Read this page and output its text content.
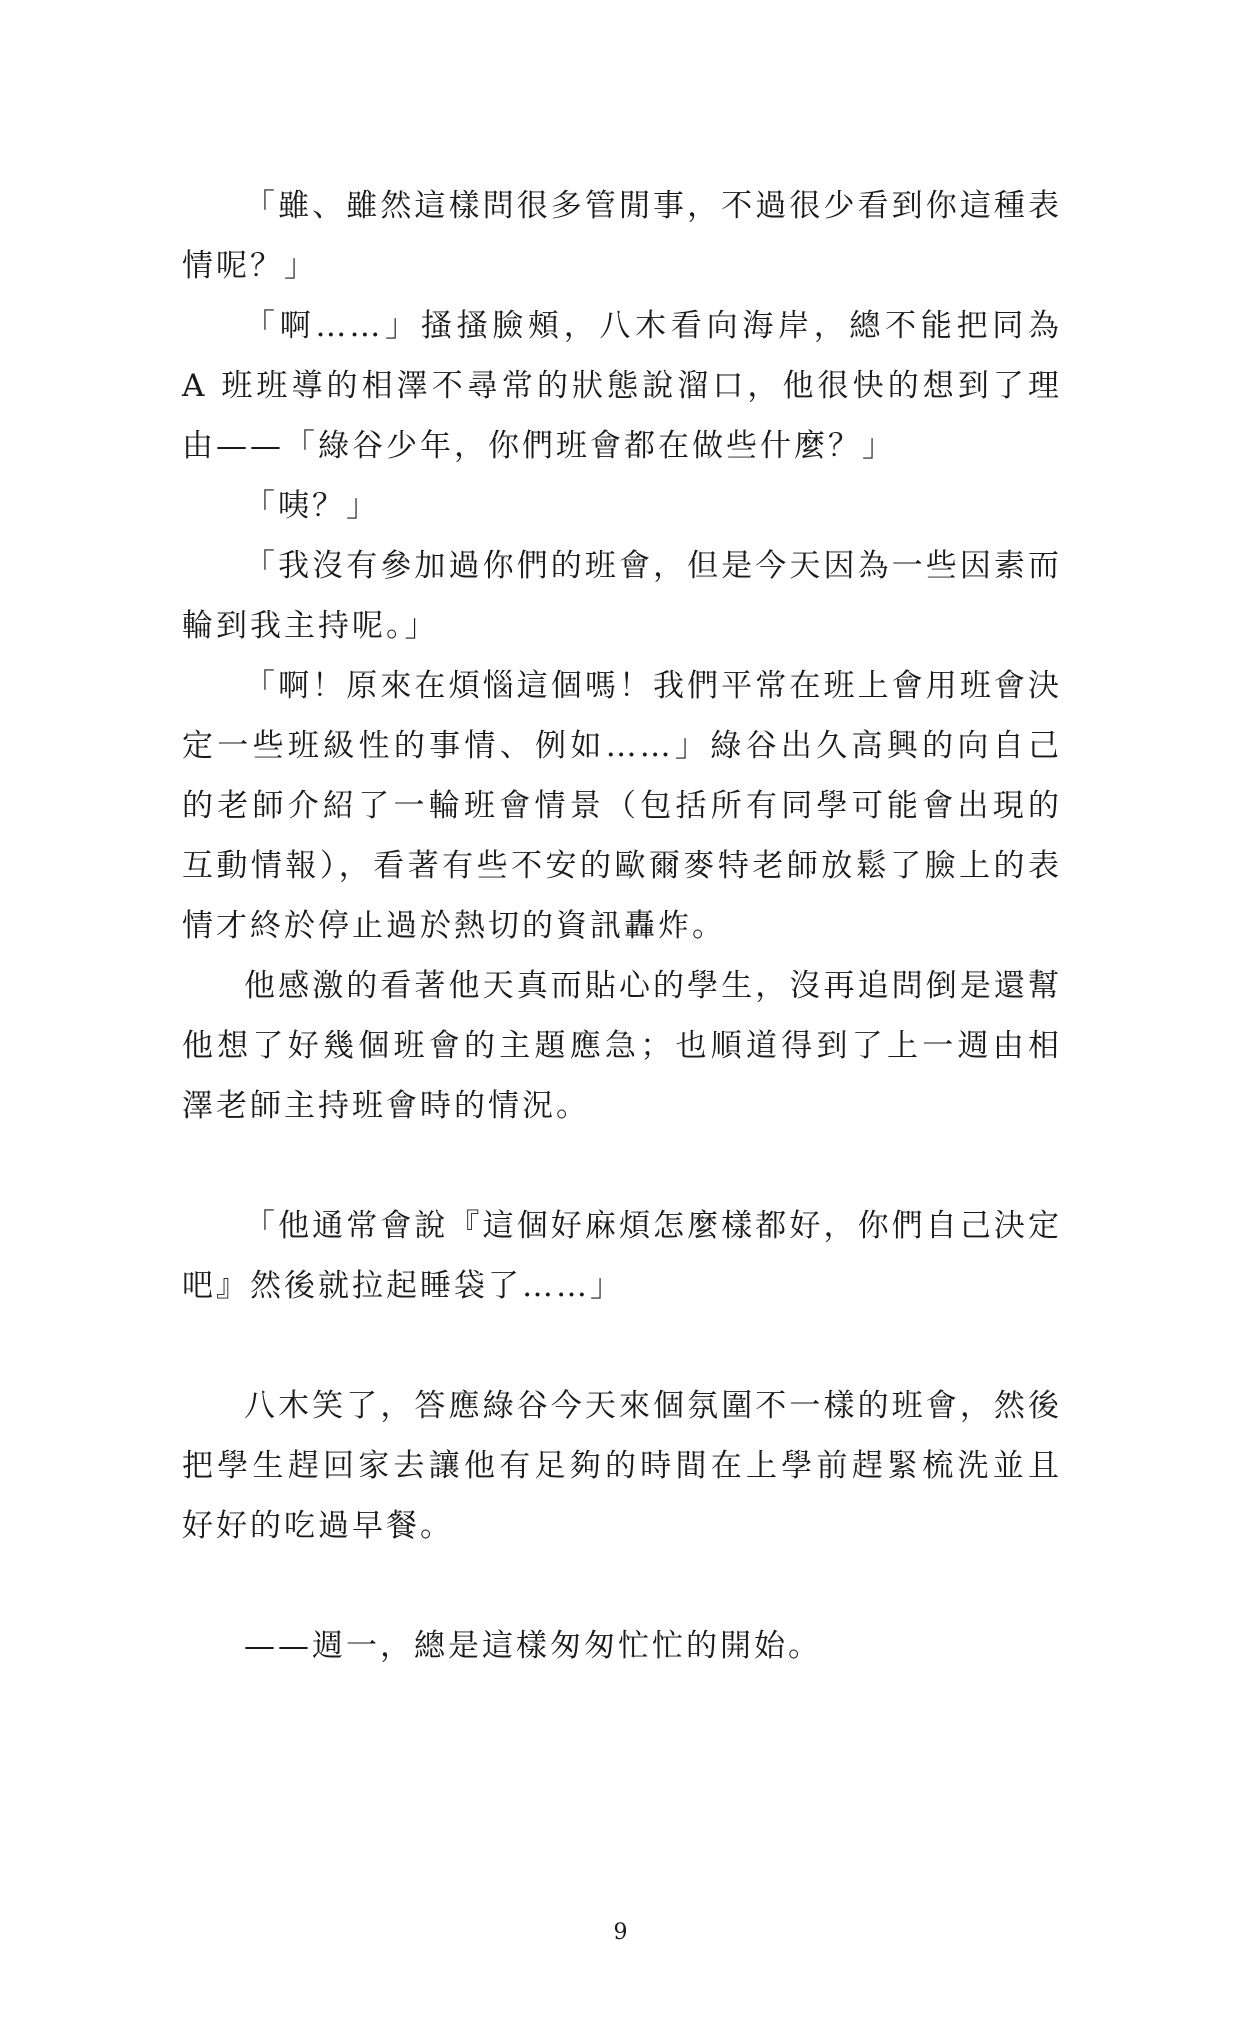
「雖、雖然這樣問很多管閒事，不過很少看到你這種表情呢？」

「啊……」搔搔臉頰，八木看向海岸，總不能把同為 A 班班導的相澤不尋常的狀態說溜口，他很快的想到了理由——「綠谷少年，你們班會都在做些什麼？」

「咦？」

「我沒有參加過你們的班會，但是今天因為一些因素而輪到我主持呢。」

「啊！原來在煩惱這個嗎！我們平常在班上會用班會決定一些班級性的事情、例如……」綠谷出久高興的向自己的老師介紹了一輪班會情景（包括所有同學可能會出現的互動情報），看著有些不安的歐爾麥特老師放鬆了臉上的表情才終於停止過於熱切的資訊轟炸。

他感激的看著他天真而貼心的學生，沒再追問倒是還幫他想了好幾個班會的主題應急；也順道得到了上一週由相澤老師主持班會時的情況。

「他通常會說『這個好麻煩怎麼樣都好，你們自己決定吧』然後就拉起睡袋了……」

八木笑了，答應綠谷今天來個氛圍不一樣的班會，然後把學生趕回家去讓他有足夠的時間在上學前趕緊梳洗並且好好的吃過早餐。

——週一，總是這樣匆匆忙忙的開始。

9
